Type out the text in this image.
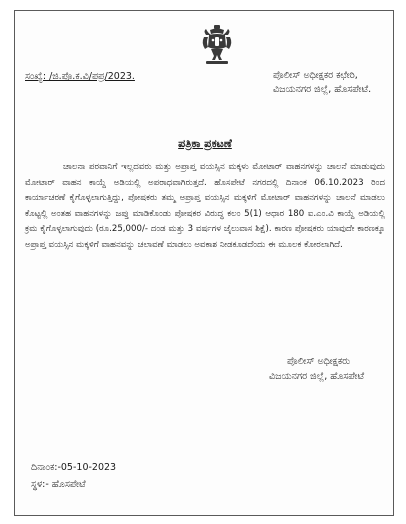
ಸಂಖ್ಯೆ: /ಜಿ.ಪೊ.ಕ.ವಿ/ಪಪ್ರ/2023.	ಪೊಲೀಸ್ ಅಧೀಕ್ಷಕರ ಕಛೇರಿ,
ವಿಜಯನಗರ ಜಿಲ್ಲೆ, ಹೊಸಪೇಟೆ.
ಪತ್ರಿಕಾ ಪ್ರಕಟಣೆ

ಚಾಲನಾ ಪರವಾನಿಗೆ ಇಲ್ಲದವರು ಮತ್ತು ಅಪ್ರಾಪ್ತ ವಯಸ್ಸಿನ ಮಕ್ಕಳು ಮೋಟಾರ್ ವಾಹನಗಳನ್ನು ಚಾಲನೆ ಮಾಡುವುದು ಮೋಟಾರ್ ವಾಹನ ಕಾಯ್ದೆ ಅಡಿಯಲ್ಲಿ ಅಪರಾಧವಾಗಿರುತ್ತದೆ. ಹೊಸಪೇಟೆ ನಗರದಲ್ಲಿ ದಿನಾಂಕ 06.10.2023 ರಿಂದ ಕಾರ್ಯಾಚರಣೆ ಕೈಗೊಳ್ಳಲಾಗುತ್ತಿದ್ದು, ಪೋಷಕರು ತಮ್ಮ ಅಪ್ರಾಪ್ತ ವಯಸ್ಸಿನ ಮಕ್ಕಳಿಗೆ ಮೋಟಾರ್ ವಾಹನಗಳನ್ನು ಚಾಲನೆ ಮಾಡಲು ಕೊಟ್ಟಲ್ಲಿ ಅಂತಹ ವಾಹನಗಳನ್ನು ಜಪ್ತು ಮಾಡಿಕೊಂಡು ಪೋಷಕರ ವಿರುದ್ಧ ಕಲಂ 5(1) ಆಧಾರ 180 ಐ.ಎಂ.ವಿ ಕಾಯ್ದೆ ಅಡಿಯಲ್ಲಿ ಕ್ರಮ ಕೈಗೊಳ್ಳಲಾಗುವುದು (ರೂ.25,000/- ದಂಡ ಮತ್ತು 3 ವರ್ಷಗಳ ಜೈಲುವಾಸ ಶಿಕ್ಷೆ). ಕಾರಣ ಪೋಷಕರು ಯಾವುದೇ ಕಾರಣಕ್ಕೂ ಅಪ್ರಾಪ್ತ ವಯಸ್ಸಿನ ಮಕ್ಕಳಿಗೆ ವಾಹನವನ್ನು ಚಲಾವಣೆ ಮಾಡಲು ಅವಕಾಶ ನೀಡಕೂಡದೆಂದು ಈ ಮೂಲಕ ಕೋರಲಾಗಿದೆ.

ಪೊಲೀಸ್ ಅಧೀಕ್ಷಕರು
ವಿಜಯನಗರ ಜಿಲ್ಲೆ, ಹೊಸಪೇಟೆ
ದಿನಾಂಕ:-05-10-2023
ಸ್ಥಳ:- ಹೊಸಪೇಟೆ
